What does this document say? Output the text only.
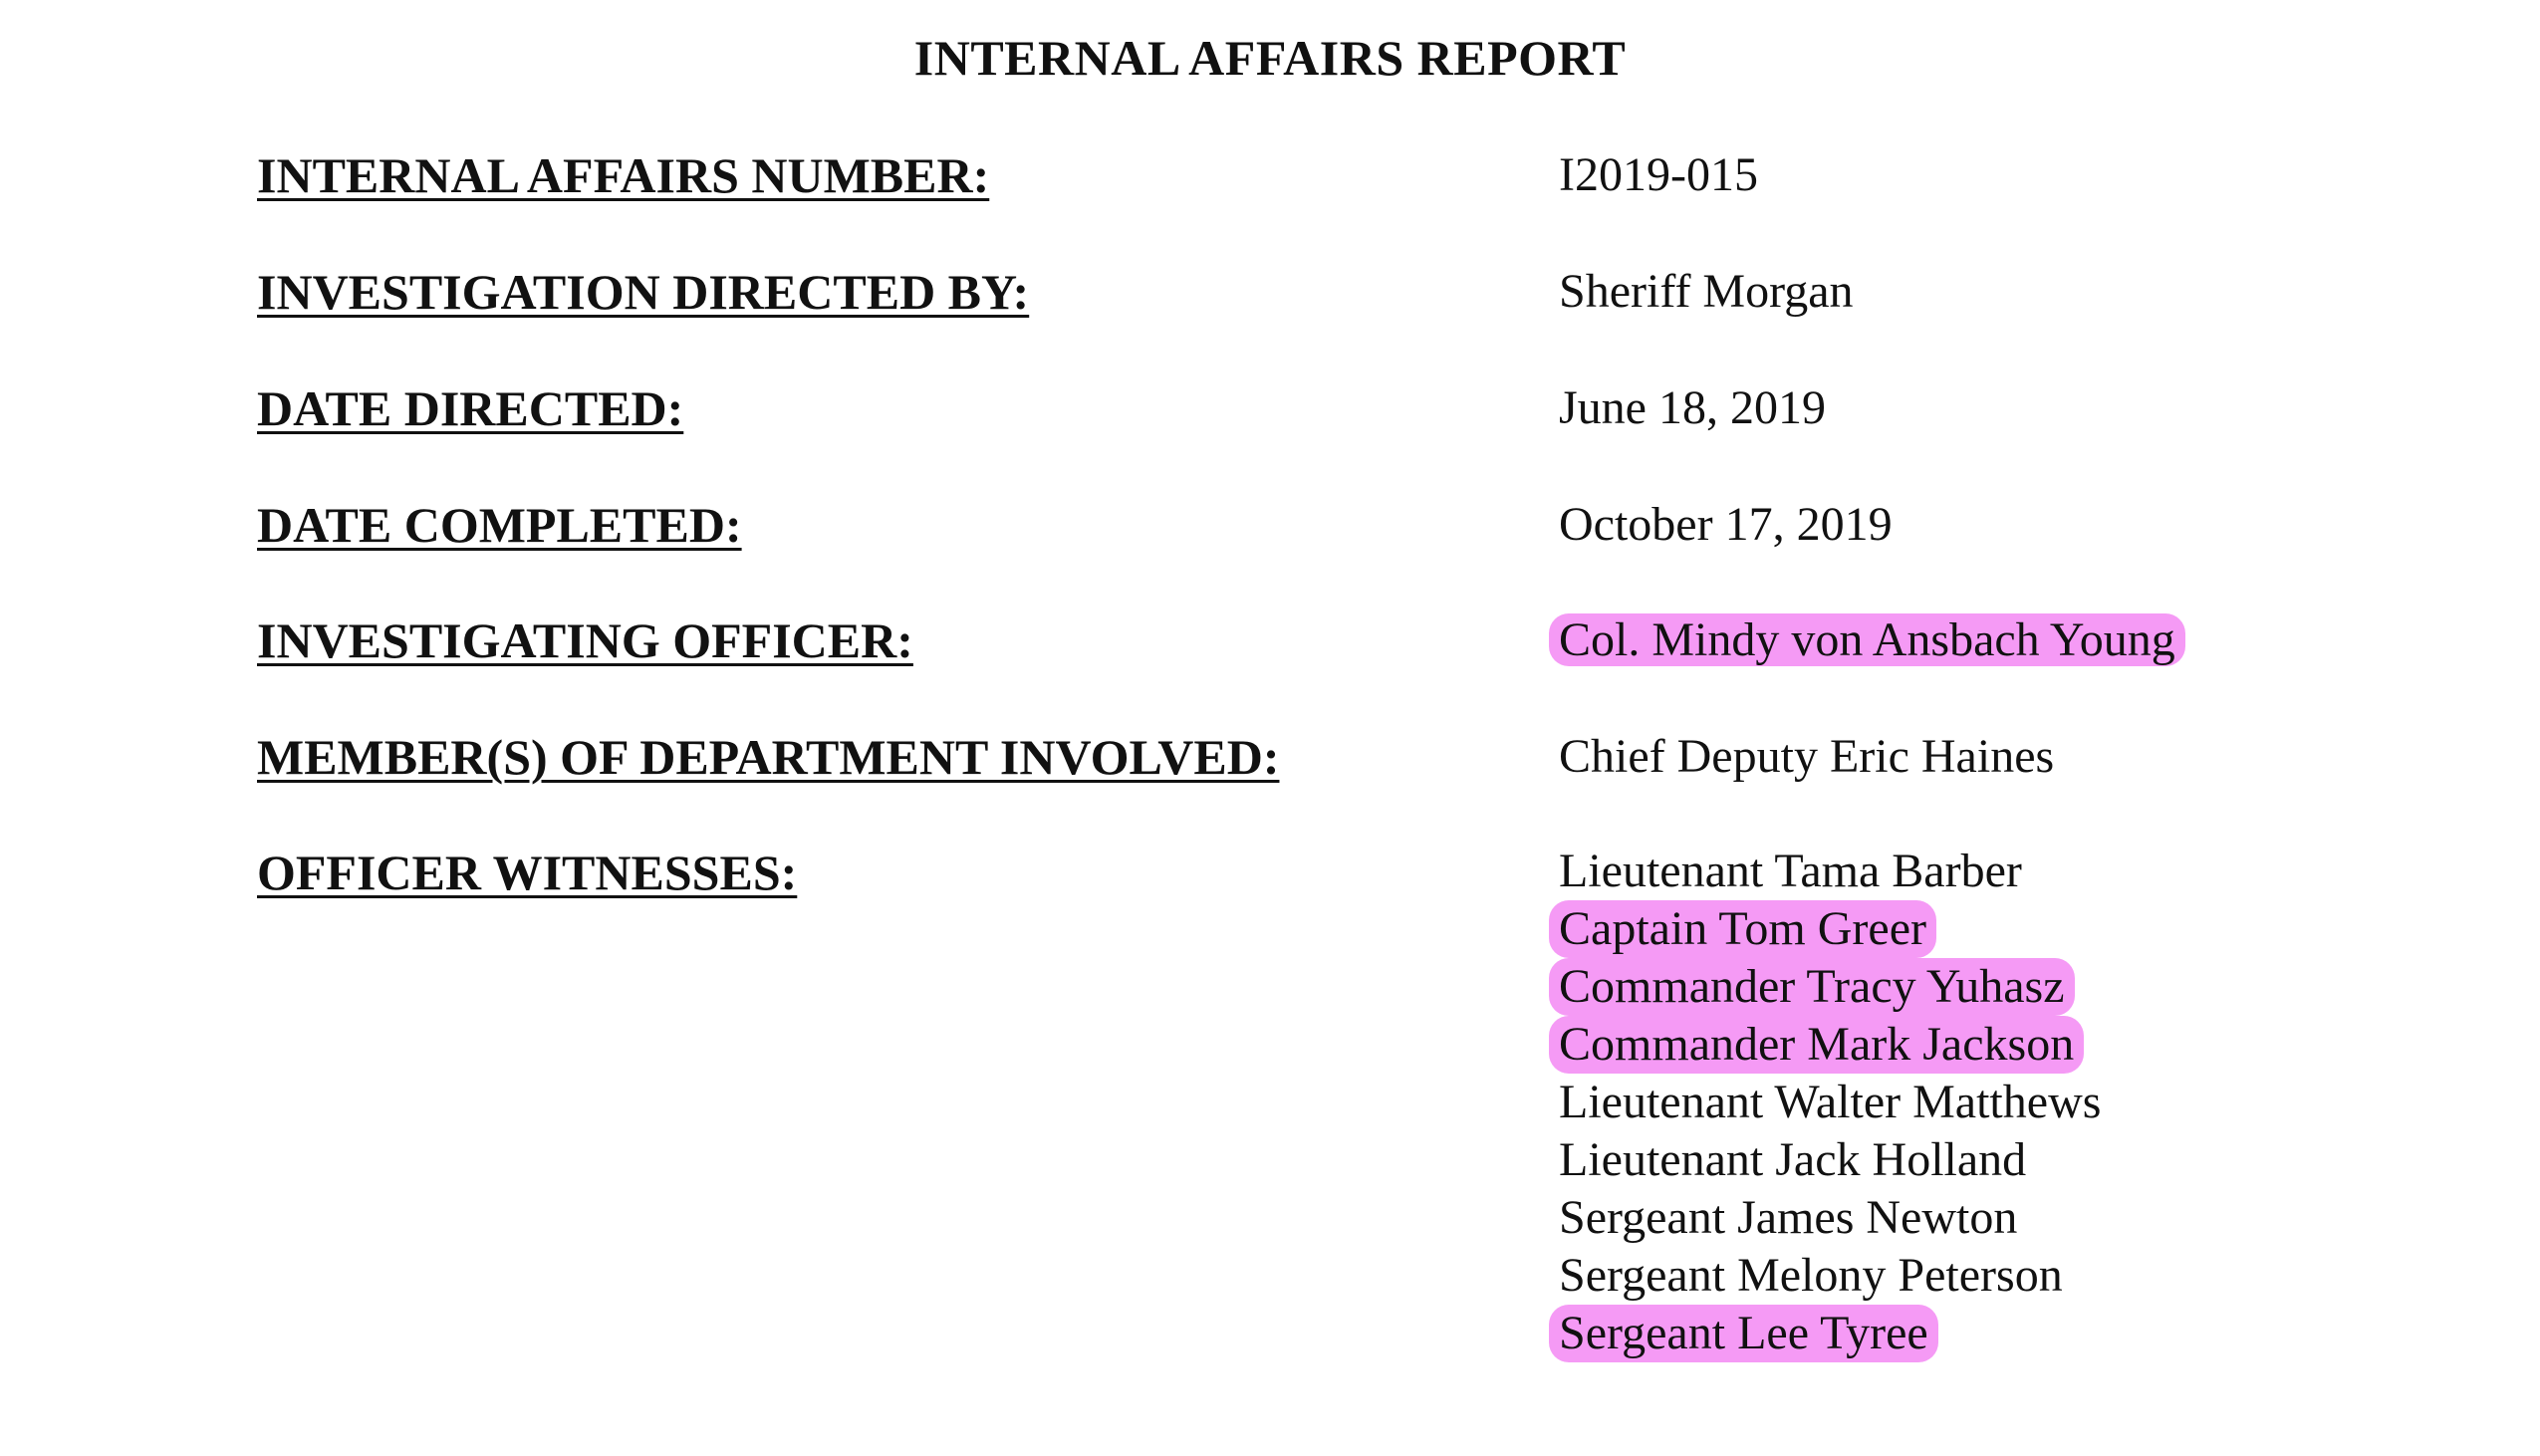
INTERNAL AFFAIRS REPORT
INTERNAL AFFAIRS NUMBER:	I2019-015
INVESTIGATION DIRECTED BY:	Sheriff Morgan
DATE DIRECTED:	June 18, 2019
DATE COMPLETED:	October 17, 2019
INVESTIGATING OFFICER:	Col. Mindy von Ansbach Young
MEMBER(S) OF DEPARTMENT INVOLVED:	Chief Deputy Eric Haines
OFFICER WITNESSES:	Lieutenant Tama Barber
Captain Tom Greer
Commander Tracy Yuhasz
Commander Mark Jackson
Lieutenant Walter Matthews
Lieutenant Jack Holland
Sergeant James Newton
Sergeant Melony Peterson
Sergeant Lee Tyree
